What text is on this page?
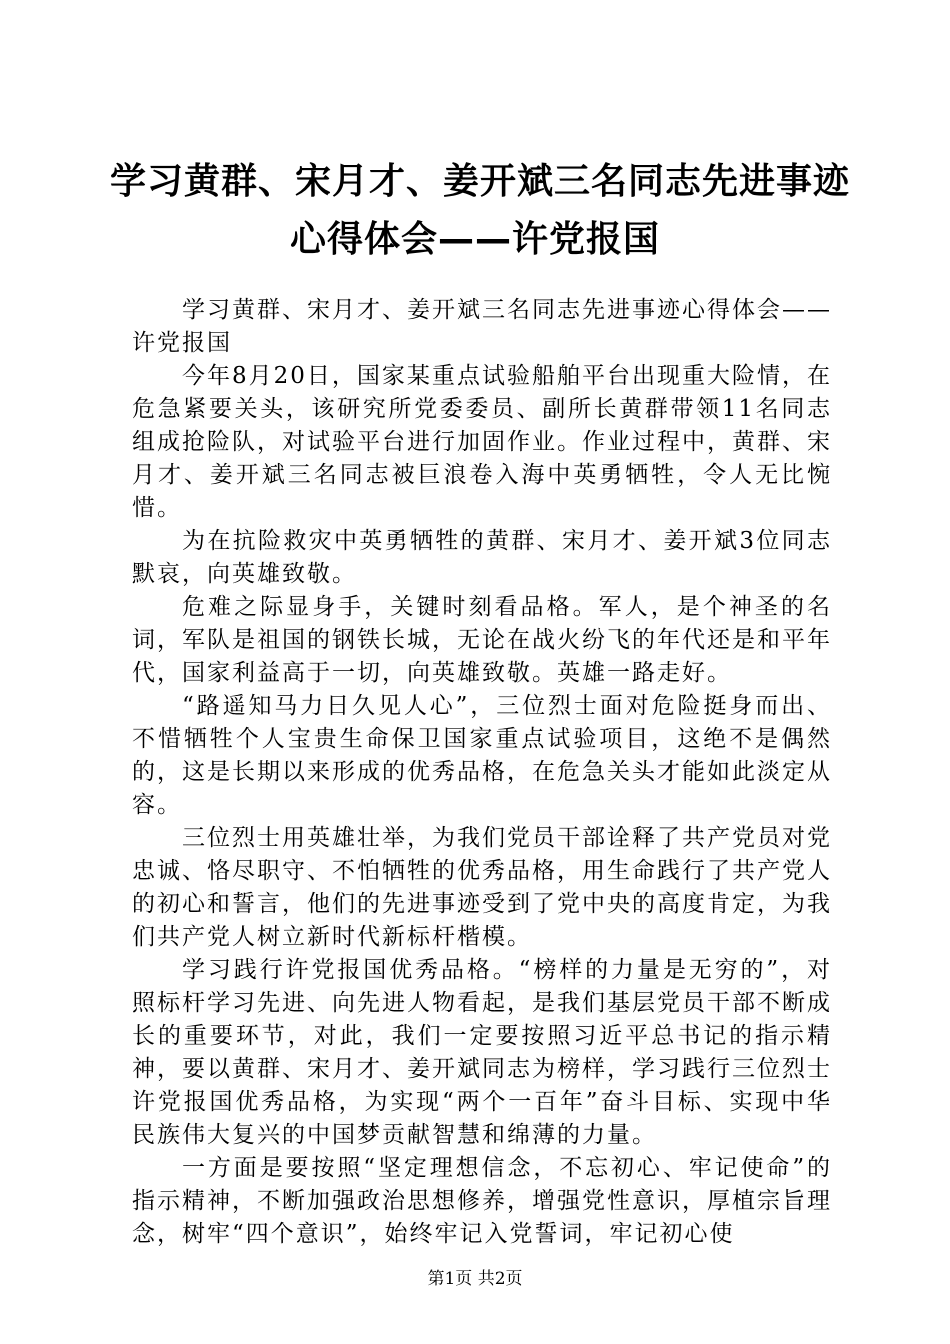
学习黄群、宋月才、姜开斌三名同志先进事迹
心得体会——许党报国

学习黄群、宋月才、姜开斌三名同志先进事迹心得体会——许党报国

今年8月20日，国家某重点试验船舶平台出现重大险情，在危急紧要关头，该研究所党委委员、副所长黄群带领11名同志组成抢险队，对试验平台进行加固作业。作业过程中，黄群、宋月才、姜开斌三名同志被巨浪卷入海中英勇牺牲，令人无比惋惜。

为在抗险救灾中英勇牺牲的黄群、宋月才、姜开斌3位同志默哀，向英雄致敬。

危难之际显身手，关键时刻看品格。军人，是个神圣的名词，军队是祖国的钢铁长城，无论在战火纷飞的年代还是和平年代，国家利益高于一切，向英雄致敬。英雄一路走好。

“路遥知马力日久见人心”，三位烈士面对危险挺身而出、不惜牺牲个人宝贵生命保卫国家重点试验项目，这绝不是偶然的，这是长期以来形成的优秀品格，在危急关头才能如此淡定从容。

三位烈士用英雄壮举，为我们党员干部诠释了共产党员对党忠诚、恪尽职守、不怕牺牲的优秀品格，用生命践行了共产党人的初心和誓言，他们的先进事迹受到了党中央的高度肯定，为我们共产党人树立新时代新标杆楷模。

学习践行许党报国优秀品格。“榜样的力量是无穷的”，对照标杆学习先进、向先进人物看起，是我们基层党员干部不断成长的重要环节，对此，我们一定要按照习近平总书记的指示精神，要以黄群、宋月才、姜开斌同志为榜样，学习践行三位烈士许党报国优秀品格，为实现“两个一百年”奋斗目标、实现中华民族伟大复兴的中国梦贡献智慧和绵薄的力量。

一方面是要按照“坚定理想信念，不忘初心、牢记使命”的指示精神，不断加强政治思想修养，增强党性意识，厚植宗旨理念，树牢“四个意识”，始终牢记入党誓词，牢记初心使

第1页 共2页
